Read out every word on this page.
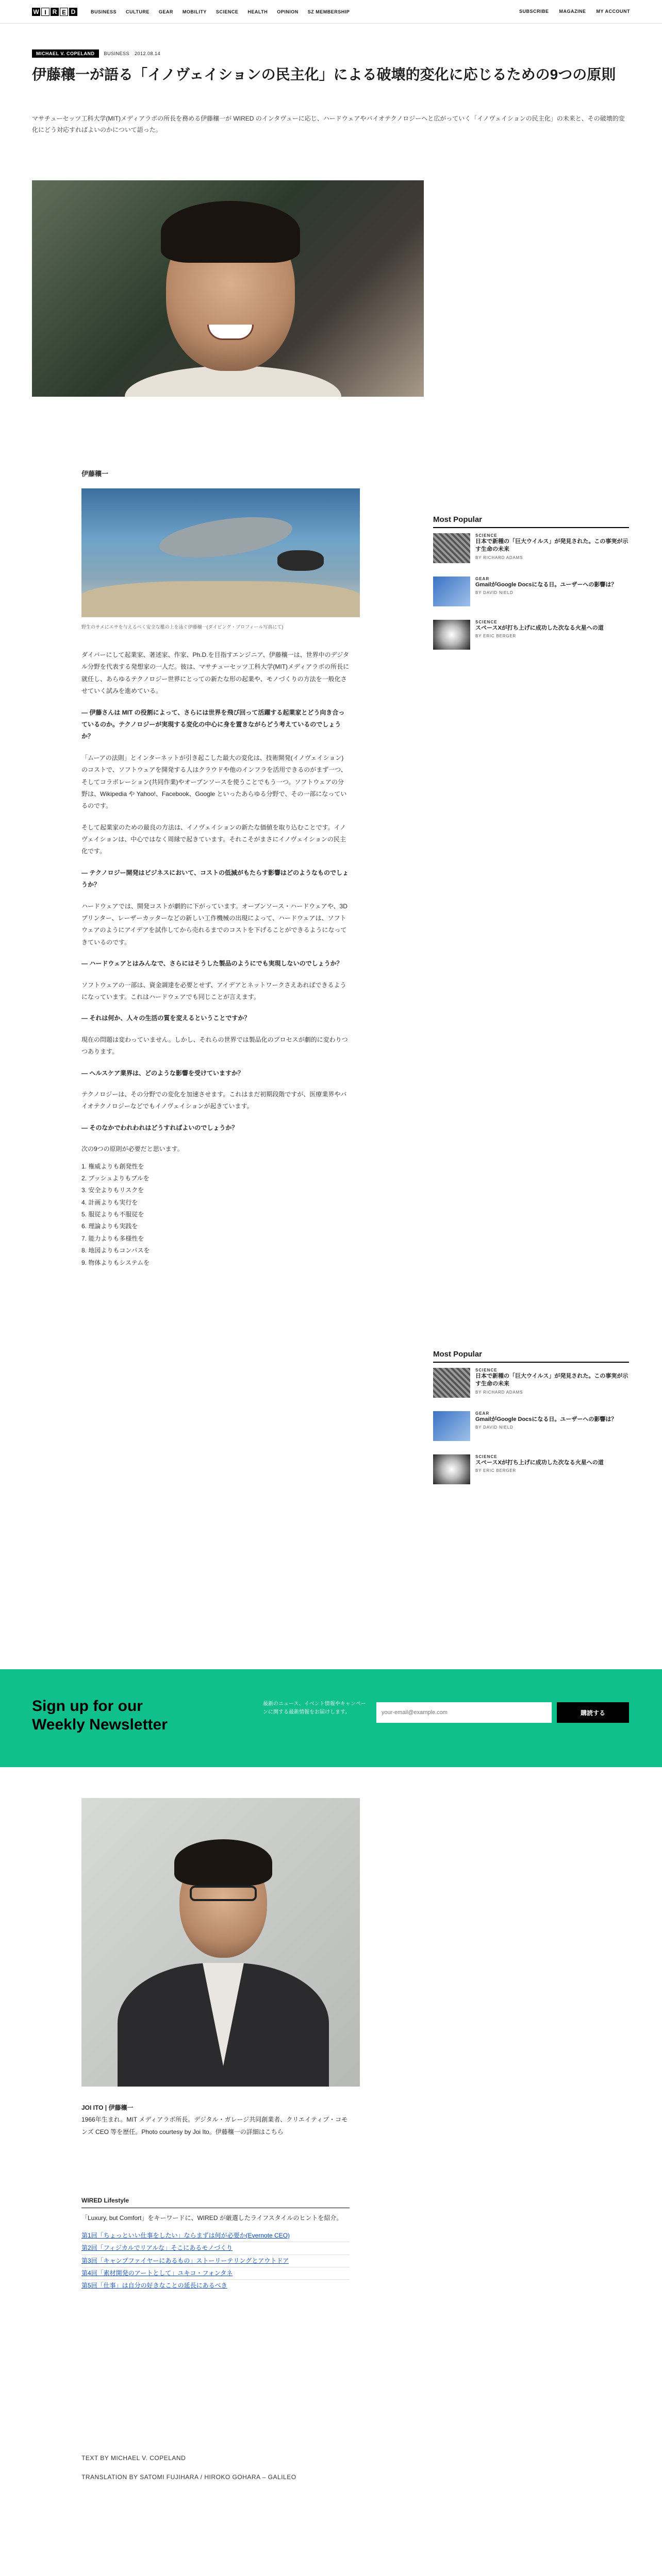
W I R E D	BUSINESS CULTURE GEAR MOBILITY SCIENCE HEALTH OPINION SZ MEMBERSHIP	SUBSCRIBE MAGAZINE MY ACCOUNT
MICHAEL V. COPELAND	BUSINESS 2012.08.14
伊藤穰一が語る「イノヴェイションの民主化」による破壊的変化に応じるための9つの原則

マサチューセッツ工科大学(MIT)メディアラボの所長を務める伊藤穰一が WIRED のインタヴューに応じ、ハードウェアやバイオテクノロジーへと広がっていく「イノヴェイションの民主化」の未来と、その破壊的変化にどう対応すればよいのかについて語った。

伊藤穰一

野生のサメにエサを与えるべく安全な檻の上を泳ぐ伊藤穰一(ダイビング・プロフィール写真にて)

ダイバーにして起業家、著述家、作家、Ph.D.を目指すエンジニア、伊藤穰一は、世界中のデジタル分野を代表する発想家の一人だ。彼は、マサチューセッツ工科大学(MIT)メディアラボの所長に就任し、あらゆるテクノロジー世界にとっての新たな形の起業や、モノづくりの方法を一般化させていく試みを進めている。

— 伊藤さんは MIT の役割によって、さらには世界を飛び回って活躍する起業家とどう向き合っているのか。テクノロジーが実現する変化の中心に身を置きながらどう考えているのでしょうか？

「ムーアの法則」とインターネットが引き起こした最大の変化は、技術開発(イノヴェイション)のコストで、ソフトウェアを開発する人はクラウドや他のインフラを活用できるのがまず一つ、そしてコラボレーション(共同作業)やオープンソースを使うことでもう一つ。ソフトウェアの分野は、Wikipedia や Yahoo!、Facebook、Google といったあらゆる分野で、その一部になっているのです。

そして起業家のための最良の方法は、イノヴェイションの新たな価値を取り込むことです。イノヴェイションは、中心ではなく周縁で起きています。それこそがまさにイノヴェイションの民主化です。

— テクノロジー開発はビジネスにおいて、コストの低減がもたらす影響はどのようなものでしょうか？

ハードウェアでは、開発コストが劇的に下がっています。オープンソース・ハードウェアや、3D プリンター、レーザーカッターなどの新しい工作機械の出現によって、ハードウェアは、ソフトウェアのようにアイデアを試作してから売れるまでのコストを下げることができるようになってきているのです。

— ハードウェアとはみんなで、さらにはそうした製品のようにでも実現しないのでしょうか？

ソフトウェアの一部は、資金調達を必要とせず、アイデアとネットワークさえあればできるようになっています。これはハードウェアでも同じことが言えます。

— それは何か、人々の生活の質を変えるということですか？

現在の問題は変わっていません。しかし、それらの世界では製品化のプロセスが劇的に変わりつつあります。

— へルスケア業界は、どのような影響を受けていますか？

テクノロジーは、その分野での変化を加速させます。これはまだ初期段階ですが、医療業界やバイオテクノロジーなどでもイノヴェイションが起きています。

— そのなかでわれわれはどうすればよいのでしょうか？

次の9つの原則が必要だと思います。

1. 権威よりも創発性を

2. プッシュよりもプルを

3. 安全よりもリスクを

4. 計画よりも実行を

5. 服従よりも不服従を

6. 理論よりも実践を

7. 能力よりも多様性を

8. 地図よりもコンパスを

9. 物体よりもシステムを

Most Popular
SCIENCE
日本で新種の「巨大ウイルス」が発見された。この事実が示す生命の未来
BY RICHARD ADAMS
GEAR
GmailがGoogle Docsになる日。ユーザーへの影響は？
BY DAVID NIELD
SCIENCE
スペースXが打ち上げに成功した次なる火星への道
BY ERIC BERGER
Most Popular
SCIENCE
日本で新種の「巨大ウイルス」が発見された。この事実が示す生命の未来
BY RICHARD ADAMS
GEAR
GmailがGoogle Docsになる日。ユーザーへの影響は？
BY DAVID NIELD
SCIENCE
スペースXが打ち上げに成功した次なる火星への道
BY ERIC BERGER
Sign up for our
Weekly Newsletter

最新のニュース、イベント情報やキャンペーンに関する最新情報をお届けします。

your-email@example.com	購読する

JOI ITO | 伊藤穰一

1966年生まれ。MIT メディアラボ所長。デジタル・ガレージ共同創業者、クリエイティブ・コモンズ CEO 等を歴任。Photo courtesy by Joi Ito。伊藤穰一の詳細はこちら

WIRED Lifestyle

「Luxury, but Comfort」をキーワードに、WIRED が厳選したライフスタイルのヒントを紹介。

第1回「ちょっといい仕事をしたい」ならまずは何が必要か(Evernote CEO)

第2回「フィジカルでリアルな」そこにあるモノづくり

第3回「キャンプファイヤーにあるもの」ストーリーテリングとアウトドア

第4回「素材開発のアートとして」ユキコ・フォンタネ

第5回「仕事」は自分の好きなことの延長にあるべき

TEXT BY MICHAEL V. COPELAND

TRANSLATION BY SATOMI FUJIHARA / HIROKO GOHARA – GALILEO
